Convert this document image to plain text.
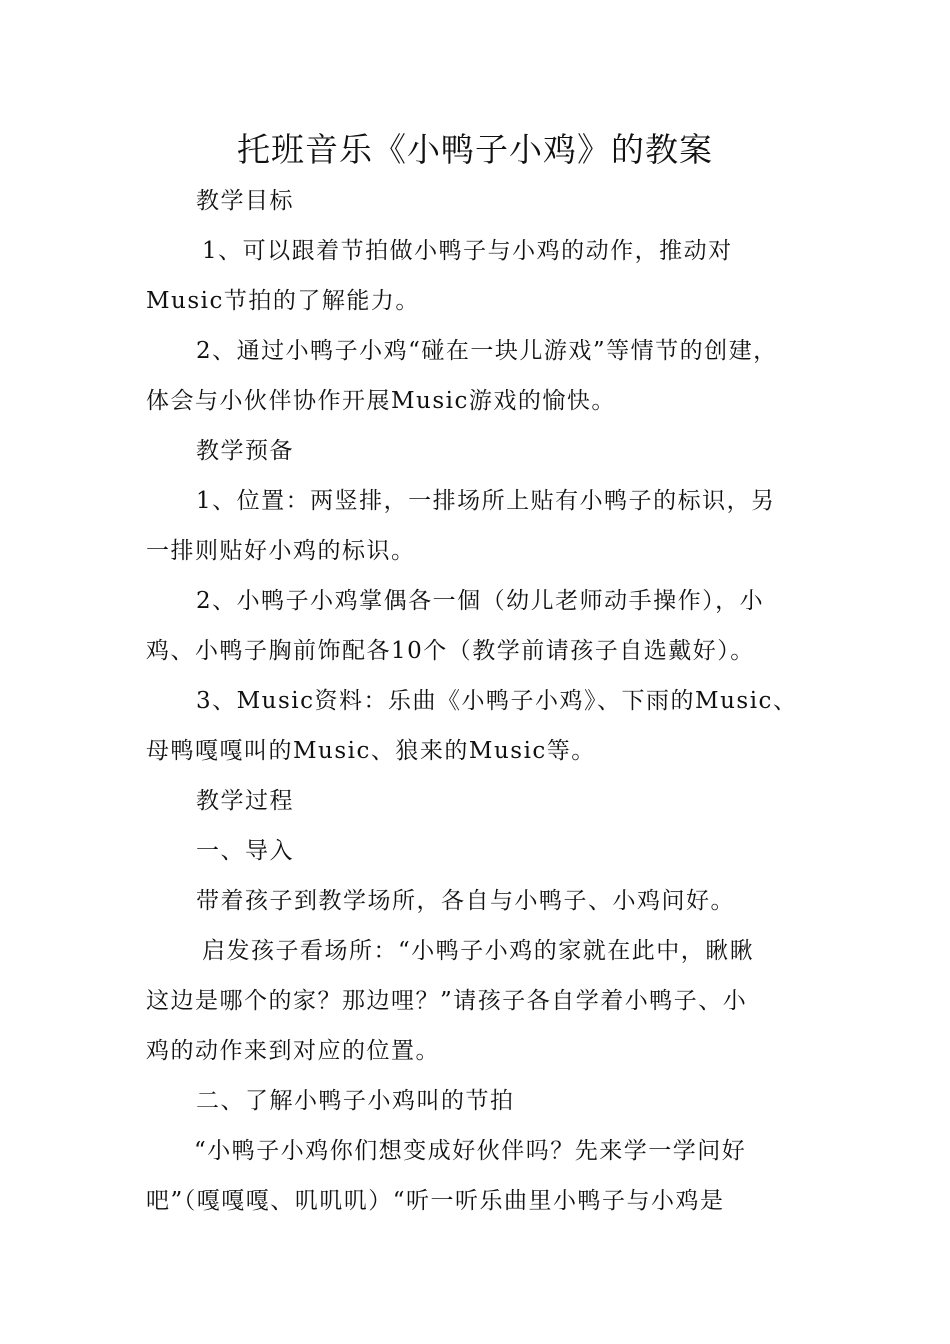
托班音乐《小鸭子小鸡》的教案
教学目标
1、可以跟着节拍做小鸭子与小鸡的动作，推动对
Music节拍的了解能力。
2、通过小鸭子小鸡“碰在一块儿游戏”等情节的创建，
体会与小伙伴协作开展Music游戏的愉快。
教学预备
1、位置：两竖排，一排场所上贴有小鸭子的标识，另
一排则贴好小鸡的标识。
2、小鸭子小鸡掌偶各一個（幼儿老师动手操作），小
鸡、小鸭子胸前饰配各10个（教学前请孩子自选戴好）。
3、Music资料：乐曲《小鸭子小鸡》、下雨的Music、
母鸭嘎嘎叫的Music、狼来的Music等。
教学过程
一、导入
带着孩子到教学场所，各自与小鸭子、小鸡问好。
启发孩子看场所：“小鸭子小鸡的家就在此中，瞅瞅
这边是哪个的家？那边哩？”请孩子各自学着小鸭子、小
鸡的动作来到对应的位置。
二、了解小鸭子小鸡叫的节拍
“小鸭子小鸡你们想变成好伙伴吗？先来学一学问好
吧”（嘎嘎嘎、叽叽叽）“听一听乐曲里小鸭子与小鸡是
